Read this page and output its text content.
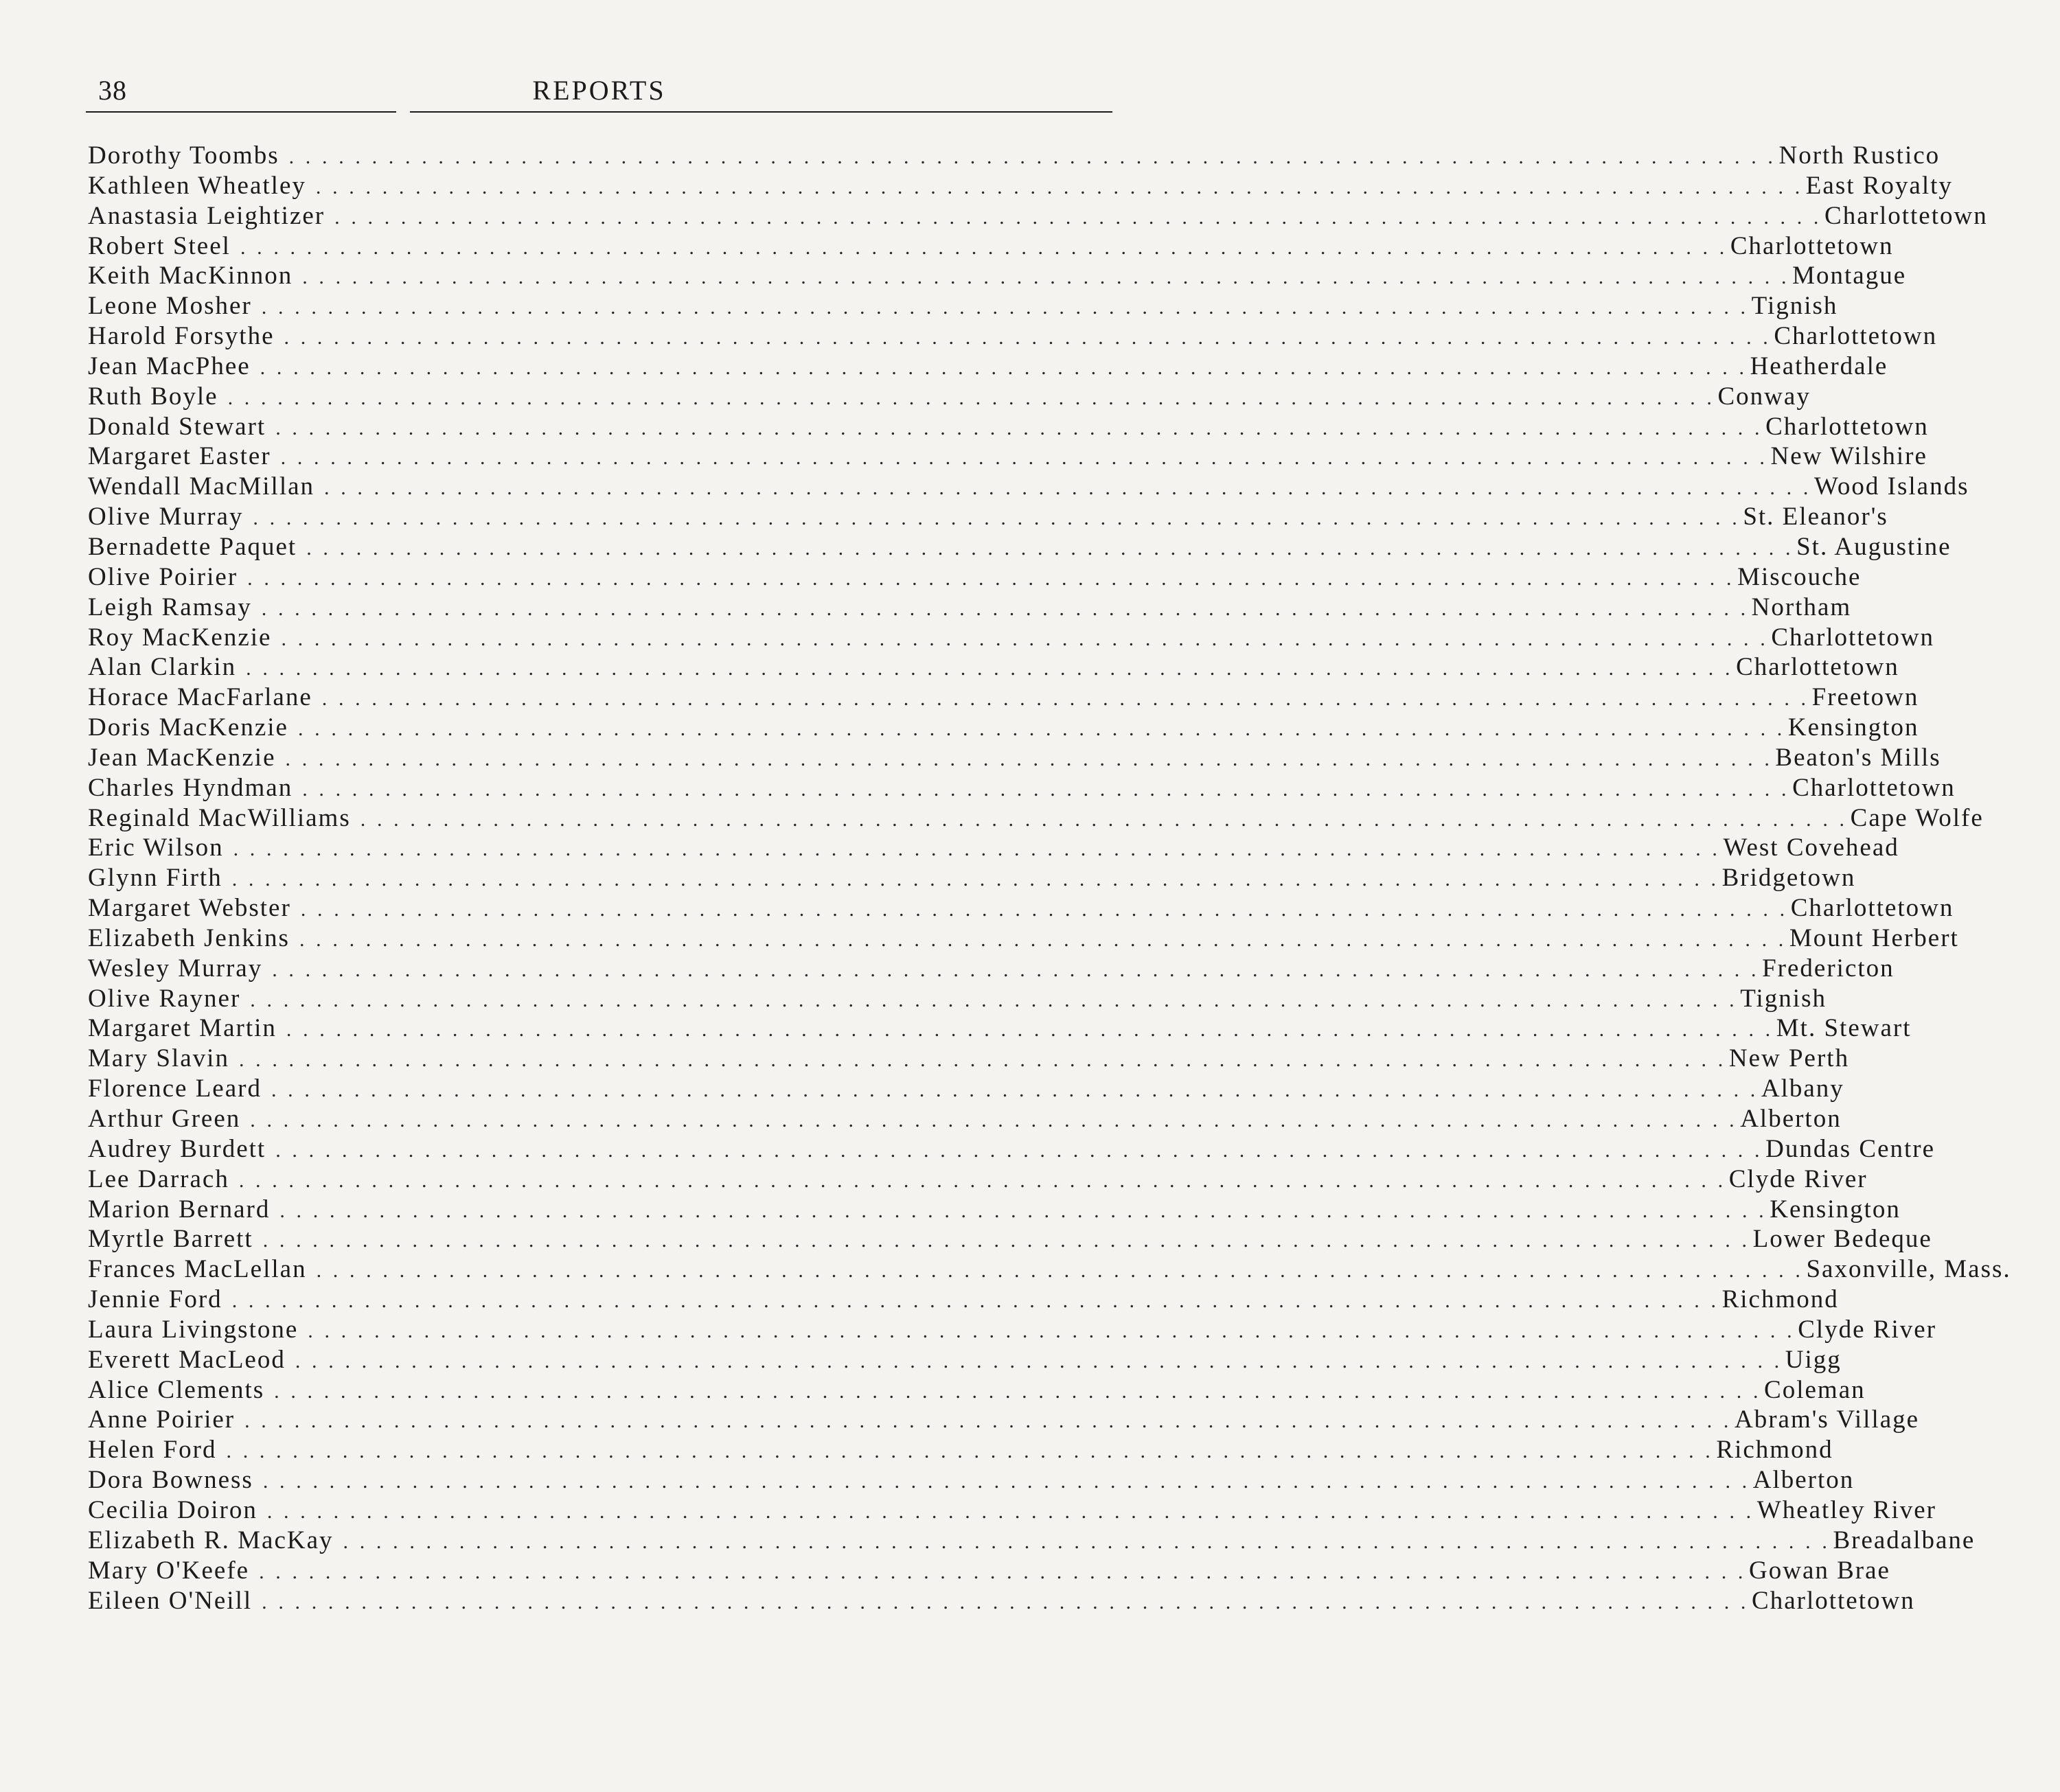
38	REPORTS
Dorothy Toombs . . . . . . . . . . . . . . . . . . . . . . . . . . . . . . . . . . . . . . . . . . . . . . . . . . . . . . . . . . . . . . . . . . . . . . . . . . . . . . . . . . . . . . . . . . North Rustico
Kathleen Wheatley . . . . . . . . . . . . . . . . . . . . . . . . . . . . . . . . . . . . . . . . . . . . . . . . . . . . . . . . . . . . . . . . . . . . . . . . . . . . . . . . . . . . . . . . . . East Royalty
Anastasia Leightizer . . . . . . . . . . . . . . . . . . . . . . . . . . . . . . . . . . . . . . . . . . . . . . . . . . . . . . . . . . . . . . . . . . . . . . . . . . . . . . . . . . . . . . . . . . Charlottetown
Robert Steel . . . . . . . . . . . . . . . . . . . . . . . . . . . . . . . . . . . . . . . . . . . . . . . . . . . . . . . . . . . . . . . . . . . . . . . . . . . . . . . . . . . . . . . . . . Charlottetown
Keith MacKinnon . . . . . . . . . . . . . . . . . . . . . . . . . . . . . . . . . . . . . . . . . . . . . . . . . . . . . . . . . . . . . . . . . . . . . . . . . . . . . . . . . . . . . . . . . . Montague
Leone Mosher . . . . . . . . . . . . . . . . . . . . . . . . . . . . . . . . . . . . . . . . . . . . . . . . . . . . . . . . . . . . . . . . . . . . . . . . . . . . . . . . . . . . . . . . . . Tignish
Harold Forsythe . . . . . . . . . . . . . . . . . . . . . . . . . . . . . . . . . . . . . . . . . . . . . . . . . . . . . . . . . . . . . . . . . . . . . . . . . . . . . . . . . . . . . . . . . . Charlottetown
Jean MacPhee . . . . . . . . . . . . . . . . . . . . . . . . . . . . . . . . . . . . . . . . . . . . . . . . . . . . . . . . . . . . . . . . . . . . . . . . . . . . . . . . . . . . . . . . . . Heatherdale
Ruth Boyle . . . . . . . . . . . . . . . . . . . . . . . . . . . . . . . . . . . . . . . . . . . . . . . . . . . . . . . . . . . . . . . . . . . . . . . . . . . . . . . . . . . . . . . . . . Conway
Donald Stewart . . . . . . . . . . . . . . . . . . . . . . . . . . . . . . . . . . . . . . . . . . . . . . . . . . . . . . . . . . . . . . . . . . . . . . . . . . . . . . . . . . . . . . . . . . Charlottetown
Margaret Easter . . . . . . . . . . . . . . . . . . . . . . . . . . . . . . . . . . . . . . . . . . . . . . . . . . . . . . . . . . . . . . . . . . . . . . . . . . . . . . . . . . . . . . . . . . New Wilshire
Wendall MacMillan . . . . . . . . . . . . . . . . . . . . . . . . . . . . . . . . . . . . . . . . . . . . . . . . . . . . . . . . . . . . . . . . . . . . . . . . . . . . . . . . . . . . . . . . . . Wood Islands
Olive Murray . . . . . . . . . . . . . . . . . . . . . . . . . . . . . . . . . . . . . . . . . . . . . . . . . . . . . . . . . . . . . . . . . . . . . . . . . . . . . . . . . . . . . . . . . . St. Eleanor's
Bernadette Paquet . . . . . . . . . . . . . . . . . . . . . . . . . . . . . . . . . . . . . . . . . . . . . . . . . . . . . . . . . . . . . . . . . . . . . . . . . . . . . . . . . . . . . . . . . . St. Augustine
Olive Poirier . . . . . . . . . . . . . . . . . . . . . . . . . . . . . . . . . . . . . . . . . . . . . . . . . . . . . . . . . . . . . . . . . . . . . . . . . . . . . . . . . . . . . . . . . . Miscouche
Leigh Ramsay . . . . . . . . . . . . . . . . . . . . . . . . . . . . . . . . . . . . . . . . . . . . . . . . . . . . . . . . . . . . . . . . . . . . . . . . . . . . . . . . . . . . . . . . . . Northam
Roy MacKenzie . . . . . . . . . . . . . . . . . . . . . . . . . . . . . . . . . . . . . . . . . . . . . . . . . . . . . . . . . . . . . . . . . . . . . . . . . . . . . . . . . . . . . . . . . . Charlottetown
Alan Clarkin . . . . . . . . . . . . . . . . . . . . . . . . . . . . . . . . . . . . . . . . . . . . . . . . . . . . . . . . . . . . . . . . . . . . . . . . . . . . . . . . . . . . . . . . . . Charlottetown
Horace MacFarlane . . . . . . . . . . . . . . . . . . . . . . . . . . . . . . . . . . . . . . . . . . . . . . . . . . . . . . . . . . . . . . . . . . . . . . . . . . . . . . . . . . . . . . . . . . Freetown
Doris MacKenzie . . . . . . . . . . . . . . . . . . . . . . . . . . . . . . . . . . . . . . . . . . . . . . . . . . . . . . . . . . . . . . . . . . . . . . . . . . . . . . . . . . . . . . . . . . Kensington
Jean MacKenzie . . . . . . . . . . . . . . . . . . . . . . . . . . . . . . . . . . . . . . . . . . . . . . . . . . . . . . . . . . . . . . . . . . . . . . . . . . . . . . . . . . . . . . . . . . Beaton's Mills
Charles Hyndman . . . . . . . . . . . . . . . . . . . . . . . . . . . . . . . . . . . . . . . . . . . . . . . . . . . . . . . . . . . . . . . . . . . . . . . . . . . . . . . . . . . . . . . . . . Charlottetown
Reginald MacWilliams . . . . . . . . . . . . . . . . . . . . . . . . . . . . . . . . . . . . . . . . . . . . . . . . . . . . . . . . . . . . . . . . . . . . . . . . . . . . . . . . . . . . . . . . . . Cape Wolfe
Eric Wilson . . . . . . . . . . . . . . . . . . . . . . . . . . . . . . . . . . . . . . . . . . . . . . . . . . . . . . . . . . . . . . . . . . . . . . . . . . . . . . . . . . . . . . . . . . West Covehead
Glynn Firth . . . . . . . . . . . . . . . . . . . . . . . . . . . . . . . . . . . . . . . . . . . . . . . . . . . . . . . . . . . . . . . . . . . . . . . . . . . . . . . . . . . . . . . . . . Bridgetown
Margaret Webster . . . . . . . . . . . . . . . . . . . . . . . . . . . . . . . . . . . . . . . . . . . . . . . . . . . . . . . . . . . . . . . . . . . . . . . . . . . . . . . . . . . . . . . . . . Charlottetown
Elizabeth Jenkins . . . . . . . . . . . . . . . . . . . . . . . . . . . . . . . . . . . . . . . . . . . . . . . . . . . . . . . . . . . . . . . . . . . . . . . . . . . . . . . . . . . . . . . . . . Mount Herbert
Wesley Murray . . . . . . . . . . . . . . . . . . . . . . . . . . . . . . . . . . . . . . . . . . . . . . . . . . . . . . . . . . . . . . . . . . . . . . . . . . . . . . . . . . . . . . . . . . Fredericton
Olive Rayner . . . . . . . . . . . . . . . . . . . . . . . . . . . . . . . . . . . . . . . . . . . . . . . . . . . . . . . . . . . . . . . . . . . . . . . . . . . . . . . . . . . . . . . . . . Tignish
Margaret Martin . . . . . . . . . . . . . . . . . . . . . . . . . . . . . . . . . . . . . . . . . . . . . . . . . . . . . . . . . . . . . . . . . . . . . . . . . . . . . . . . . . . . . . . . . . Mt. Stewart
Mary Slavin . . . . . . . . . . . . . . . . . . . . . . . . . . . . . . . . . . . . . . . . . . . . . . . . . . . . . . . . . . . . . . . . . . . . . . . . . . . . . . . . . . . . . . . . . . New Perth
Florence Leard . . . . . . . . . . . . . . . . . . . . . . . . . . . . . . . . . . . . . . . . . . . . . . . . . . . . . . . . . . . . . . . . . . . . . . . . . . . . . . . . . . . . . . . . . . Albany
Arthur Green . . . . . . . . . . . . . . . . . . . . . . . . . . . . . . . . . . . . . . . . . . . . . . . . . . . . . . . . . . . . . . . . . . . . . . . . . . . . . . . . . . . . . . . . . . Alberton
Audrey Burdett . . . . . . . . . . . . . . . . . . . . . . . . . . . . . . . . . . . . . . . . . . . . . . . . . . . . . . . . . . . . . . . . . . . . . . . . . . . . . . . . . . . . . . . . . . Dundas Centre
Lee Darrach . . . . . . . . . . . . . . . . . . . . . . . . . . . . . . . . . . . . . . . . . . . . . . . . . . . . . . . . . . . . . . . . . . . . . . . . . . . . . . . . . . . . . . . . . . Clyde River
Marion Bernard . . . . . . . . . . . . . . . . . . . . . . . . . . . . . . . . . . . . . . . . . . . . . . . . . . . . . . . . . . . . . . . . . . . . . . . . . . . . . . . . . . . . . . . . . . Kensington
Myrtle Barrett . . . . . . . . . . . . . . . . . . . . . . . . . . . . . . . . . . . . . . . . . . . . . . . . . . . . . . . . . . . . . . . . . . . . . . . . . . . . . . . . . . . . . . . . . . Lower Bedeque
Frances MacLellan . . . . . . . . . . . . . . . . . . . . . . . . . . . . . . . . . . . . . . . . . . . . . . . . . . . . . . . . . . . . . . . . . . . . . . . . . . . . . . . . . . . . . . . . . . Saxonville, Mass.
Jennie Ford . . . . . . . . . . . . . . . . . . . . . . . . . . . . . . . . . . . . . . . . . . . . . . . . . . . . . . . . . . . . . . . . . . . . . . . . . . . . . . . . . . . . . . . . . . Richmond
Laura Livingstone . . . . . . . . . . . . . . . . . . . . . . . . . . . . . . . . . . . . . . . . . . . . . . . . . . . . . . . . . . . . . . . . . . . . . . . . . . . . . . . . . . . . . . . . . . Clyde River
Everett MacLeod . . . . . . . . . . . . . . . . . . . . . . . . . . . . . . . . . . . . . . . . . . . . . . . . . . . . . . . . . . . . . . . . . . . . . . . . . . . . . . . . . . . . . . . . . . Uigg
Alice Clements . . . . . . . . . . . . . . . . . . . . . . . . . . . . . . . . . . . . . . . . . . . . . . . . . . . . . . . . . . . . . . . . . . . . . . . . . . . . . . . . . . . . . . . . . . Coleman
Anne Poirier . . . . . . . . . . . . . . . . . . . . . . . . . . . . . . . . . . . . . . . . . . . . . . . . . . . . . . . . . . . . . . . . . . . . . . . . . . . . . . . . . . . . . . . . . . Abram's Village
Helen Ford . . . . . . . . . . . . . . . . . . . . . . . . . . . . . . . . . . . . . . . . . . . . . . . . . . . . . . . . . . . . . . . . . . . . . . . . . . . . . . . . . . . . . . . . . . Richmond
Dora Bowness . . . . . . . . . . . . . . . . . . . . . . . . . . . . . . . . . . . . . . . . . . . . . . . . . . . . . . . . . . . . . . . . . . . . . . . . . . . . . . . . . . . . . . . . . . Alberton
Cecilia Doiron . . . . . . . . . . . . . . . . . . . . . . . . . . . . . . . . . . . . . . . . . . . . . . . . . . . . . . . . . . . . . . . . . . . . . . . . . . . . . . . . . . . . . . . . . . Wheatley River
Elizabeth R. MacKay . . . . . . . . . . . . . . . . . . . . . . . . . . . . . . . . . . . . . . . . . . . . . . . . . . . . . . . . . . . . . . . . . . . . . . . . . . . . . . . . . . . . . . . . . . Breadalbane
Mary O'Keefe . . . . . . . . . . . . . . . . . . . . . . . . . . . . . . . . . . . . . . . . . . . . . . . . . . . . . . . . . . . . . . . . . . . . . . . . . . . . . . . . . . . . . . . . . . Gowan Brae
Eileen O'Neill . . . . . . . . . . . . . . . . . . . . . . . . . . . . . . . . . . . . . . . . . . . . . . . . . . . . . . . . . . . . . . . . . . . . . . . . . . . . . . . . . . . . . . . . . . Charlottetown
